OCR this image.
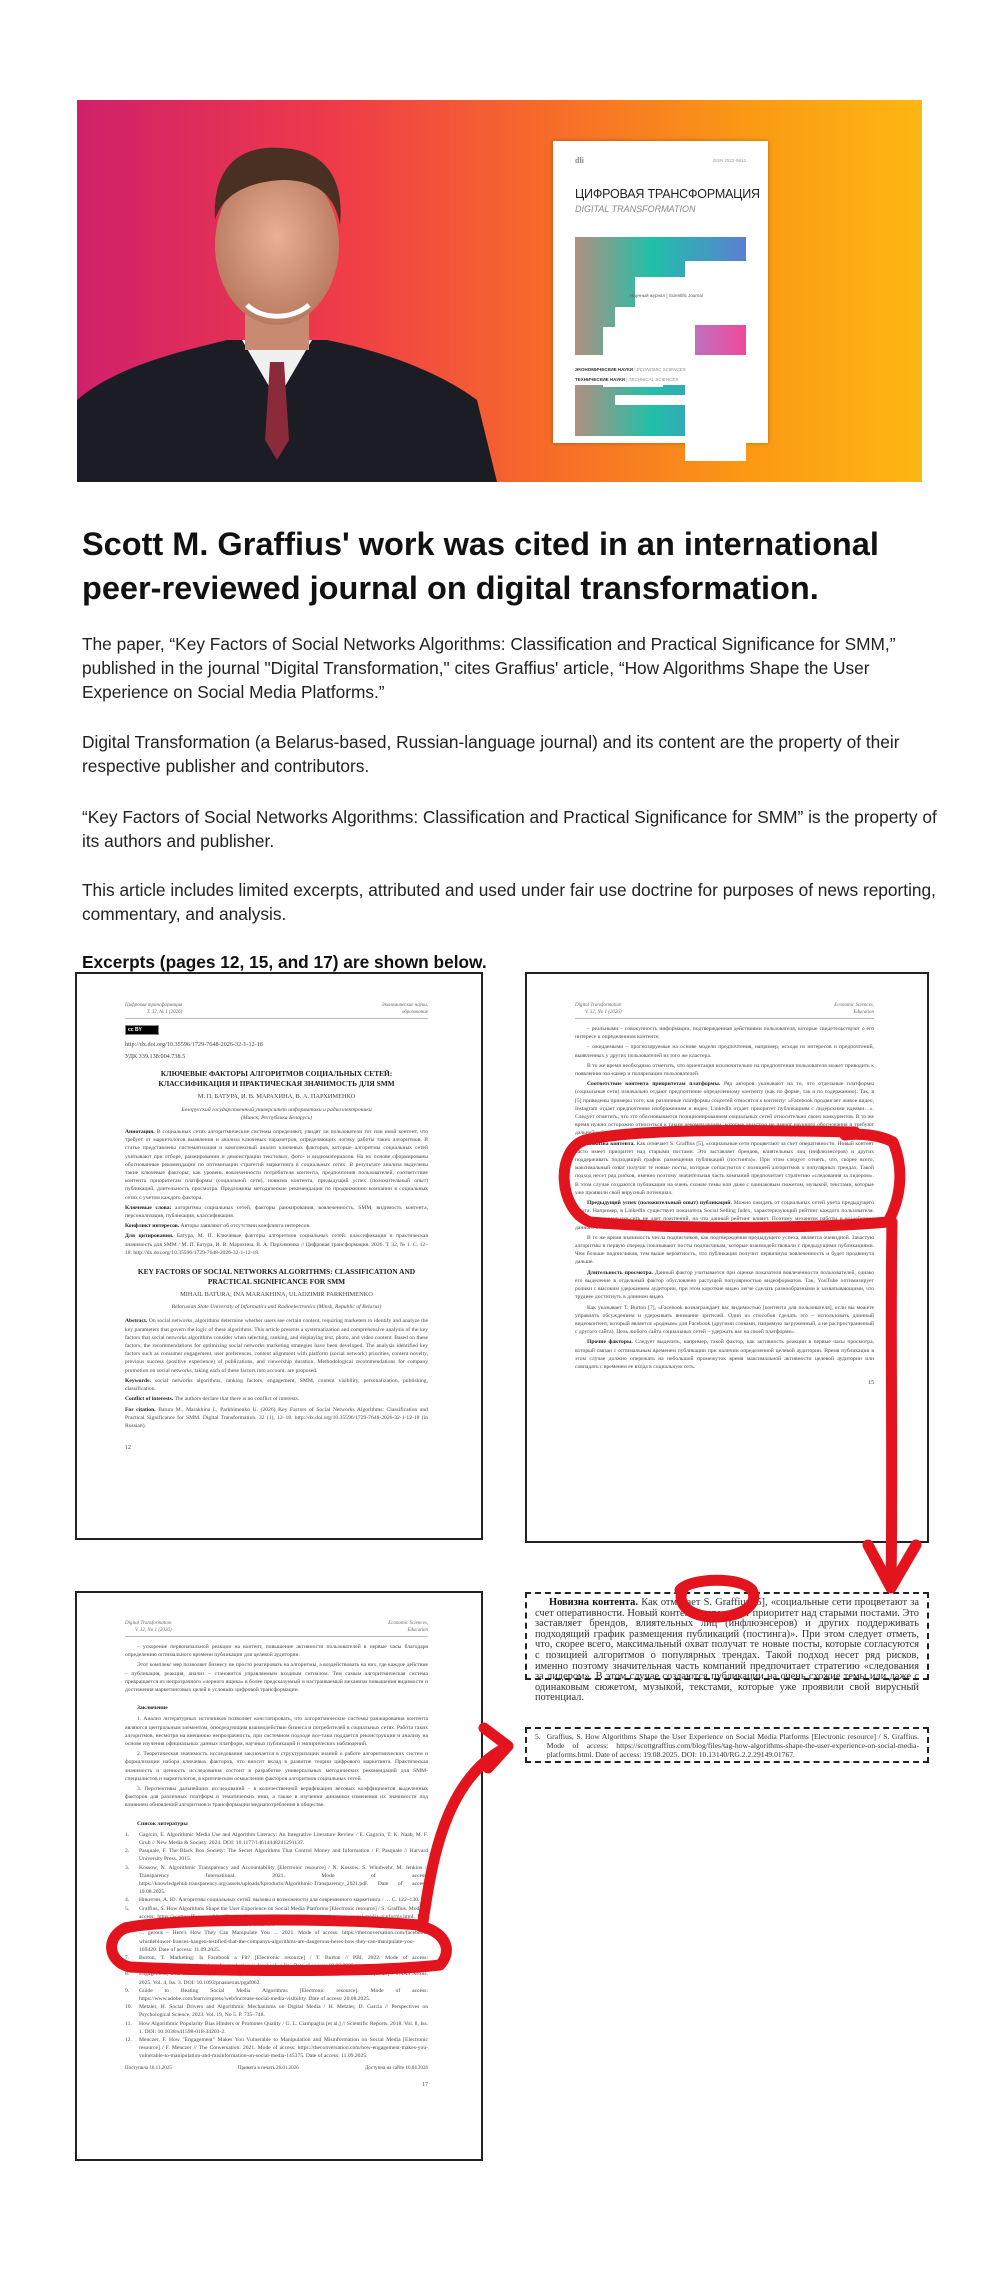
dli	ISSN 2522-9613
ЦИФРОВАЯ ТРАНСФОРМАЦИЯ
DIGITAL TRANSFORMATION
Научный журнал | Scientific Journal
ЭКОНОМИЧЕСКИЕ НАУКИ | ECONOMIC SCIENCES
ТЕХНИЧЕСКИЕ НАУКИ | TECHNICAL SCIENCES
Scott M. Graffius' work was cited in an international peer-reviewed journal on digital transformation.
The paper, “Key Factors of Social Networks Algorithms: Classification and Practical Significance for SMM,” published in the journal "Digital Transformation," cites Graffius' article, “How Algorithms Shape the User Experience on Social Media Platforms.”
Digital Transformation (a Belarus-based, Russian-language journal) and its content are the property of their respective publisher and contributors.
“Key Factors of Social Networks Algorithms: Classification and Practical Significance for SMM” is the property of its authors and publisher.
This article includes limited excerpts, attributed and used under fair use doctrine for purposes of news reporting, commentary, and analysis.
Excerpts (pages 12, 15, and 17) are shown below.
Цифровая трансформация
Т. 32, № 1 (2026)
Экономические науки,
образование
cc BY

http://dx.doi.org/10.35596/1729-7648-2026-32-1-12-18

УДК 339.138:004.738.5

КЛЮЧЕВЫЕ ФАКТОРЫ АЛГОРИТМОВ СОЦИАЛЬНЫХ СЕТЕЙ: КЛАССИФИКАЦИЯ И ПРАКТИЧЕСКАЯ ЗНАЧИМОСТЬ ДЛЯ SMM
М. П. БАТУРА, И. В. МАРАХИНА, В. А. ПАРХИМЕНКО
Белорусский государственный университет информатики и радиоэлектроники (Минск, Республика Беларусь)

Аннотация. В социальных сетях алгоритмические системы определяют, увидят ли пользователи тот или иной контент, что требует от маркетологов выявления и анализа ключевых параметров, определяющих логику работы таких алгоритмов. В статье представлены систематизация и комплексный анализ ключевых факторов, которые алгоритмы социальных сетей учитывают при отборе, ранжировании и демонстрации текстовых, фото- и видеоматериалов. На их основе сформированы обоснованные рекомендации по оптимизации стратегий маркетинга в социальных сетях. В результате анализа выделены такие ключевые факторы, как уровень вовлеченности потребителя контента, предпочтения пользователей, соответствие контента приоритетам платформы (социальной сети), новизна контента, предыдущий успех (положительный опыт) публикаций, длительность просмотра. Предложены методические рекомендации по продвижению компании в социальных сетях с учетом каждого фактора.

Ключевые слова: алгоритмы социальных сетей, факторы ранжирования, вовлеченность, SMM, видимость контента, персонализация, публикация, классификация.

Конфликт интересов. Авторы заявляют об отсутствии конфликта интересов.

Для цитирования. Батура, М. П. Ключевые факторы алгоритмов социальных сетей: классификация и практическая значимость для SMM / М. П. Батура, И. В. Марахина, В. А. Пархименко // Цифровая трансформация. 2026. Т. 32, № 1. С. 12–18. http://dx.doi.org/10.35596/1729-7648-2026-32-1-12-18.

KEY FACTORS OF SOCIAL NETWORKS ALGORITHMS: CLASSIFICATION AND PRACTICAL SIGNIFICANCE FOR SMM
MIHAIL BATURA, INA MARAKHINA, ULADZIMIR PARKHIMENKO
Belarusian State University of Informatics and Radioelectronics (Minsk, Republic of Belarus)

Abstract. On social networks, algorithms determine whether users see certain content, requiring marketers to identify and analyze the key parameters that govern the logic of these algorithms. This article presents a systematization and comprehensive analysis of the key factors that social networks algorithms consider when selecting, ranking, and displaying text, photo, and video content. Based on these factors, the recommendations for optimizing social networks marketing strategies have been developed. The analysis identified key factors such as consumer engagement, user preferences, content alignment with platform (social network) priorities, content novelty, previous success (positive experience) of publications, and viewership duration. Methodological recommendations for company promotion on social networks, taking each of these factors into account, are proposed.

Keywords: social networks algorithms, ranking factors, engagement, SMM, content visibility, personalization, publishing, classification.

Conflict of interests. The authors declare that there is no conflict of interests.

For citation. Batura M., Marakhina I., Parkhimenko U. (2026) Key Factors of Social Networks Algorithms: Classification and Practical Significance for SMM. Digital Transformation. 32 (1), 12–18. http://dx.doi.org/10.35596/1729-7648-2026-32-1-12-18 (in Russian).

12

Digital Transformation
V. 32, No 1 (2026)
Economic Sciences,
Education

– реальными – совокупность информации, подтвержденная действиями пользователя, которые свидетельствуют о его интересе к определенном контенте;

– ожидаемыми – прогнозируемые на основе модели предпочтения, например, исходя из интересов и предпочтений, выявленных у других пользователей из того же кластера.

В то же время необходимо отметить, что ориентация исключительно на предпочтения пользователя может приводить к появлению эхо-камер и поляризации пользователей.

Соответствие контента приоритетам платформы. Ряд авторов указывают на то, что отдельные платформы (социальные сети) изначально отдают предпочтение определенному контенту (как по форме, так и по содержанию). Так, в [5] приведены примеры того, как различные платформы соцсетей относятся к контенту: «Facebook продвигает живое видео, Instagram отдает предпочтение изображениям и видео, LinkedIn отдает приоритет публикациям с лидерскими идеями…». Следует отметить, что это обосновывается позиционированием социальных сетей относительно своих конкурентов. В то же время нужно осторожно относиться к таким рекомендациям, которые зачастую не имеют научного обоснования и требуют дальнейшей проверки.

Новизна контента. Как отмечает S. Graffius [5], «социальные сети процветают за счет оперативности. Новый контент часто имеет приоритет над старыми постами. Это заставляет брендов, влиятельных лиц (инфлюэнсеров) и других поддерживать подходящий график размещения публикаций (постинга)». При этом следует отметь, что, скорее всего, максимальный охват получат те новые посты, которые согласуются с позицией алгоритмов о популярных трендах. Такой подход несет ряд рисков, именно поэтому значительная часть компаний предпочитает стратегию «следования за лидером». В этом случае создаются публикации на очень схожие темы или даже с одинаковым сюжетом, музыкой, текстами, которые уже проявили свой вирусный потенциал.

Предыдущий успех (положительный опыт) публикаций. Можно ожидать от социальных сетей учета предыдущего опыта. Например, в LinkedIn существует показатель Social Selling Index, характеризующий рейтинг каждого пользователя. При этом социальная сеть не дает пояснений, на что данный рейтинг влияет. Поэтому механизм работы и воздействия данного показателя имеет предполагаемый характер.

В то же время значимость числа подписчиков, как подтверждения предыдущего успеха, является очевидной. Зачастую алгоритмы в первую очередь показывают посты подписчикам, которые взаимодействовали с предыдущими публикациями. Чем больше подписчиков, тем выше вероятность, что публикация получит первичную вовлеченность и будет продвинута дальше.

Длительность просмотра. Данный фактор учитывается при оценке показателя вовлеченности пользователей, однако его выделение в отдельный фактор обусловлено растущей популярностью видеоформатов. Так, YouTube оптимизирует ролики с высоким удержанием аудитории, при этом короткие видео легче сделать разнообразными и захватывающими, что труднее достигнуть в длинном видео.

Как указывает T. Burton [7], «Facebook вознаграждает вас видимостью [контента для пользователя], если вы можете управлять обсуждением и удерживать внимание зрителей. Один из способов сделать это – использовать длинный видеоконтент, который является «родным» для Facebook (другими словами, напрямую загруженный, а не распространенный с другого сайта). Цель любого сайта социальных сетей – удержать вас на своей платформе».

Прочие факторы. Следует выделить, например, такой фактор, как активность реакции в первые часы просмотра, который связан с оптимальным временем публикации при наличии определенной целевой аудитории. Время публикации в этом случае должно опережать на небольшой промежуток время максимальной активности целевой аудитории или совпадать с временем ее входа в социальную сеть.

15
Новизна контента. Как отмечает S. Graffius [5], «социальные сети процветают за счет оперативности. Новый контент часто имеет приоритет над старыми постами. Это заставляет брендов, влиятельных лиц (инфлюэнсеров) и других поддерживать подходящий график размещения публикаций (постинга)». При этом следует отметь, что, скорее всего, максимальный охват получат те новые посты, которые согласуются с позицией алгоритмов о популярных трендах. Такой подход несет ряд рисков, именно поэтому значительная часть компаний предпочитает стратегию «следования за лидером». В этом случае создаются публикации на очень схожие темы или даже с одинаковым сюжетом, музыкой, текстами, которые уже проявили свой вирусный потенциал.
5. Graffius, S. How Algorithms Shape the User Experience on Social Media Platforms [Electronic resource] / S. Graffius. Mode of access: https://scottgraffius.com/blog/files/tag-how-algorithms-shape-the-user-experience-on-social-media-platforms.html. Date of access: 19.08.2025. DOI: 10.13140/RG.2.2.29149.01767.
Digital Transformation
V. 32, No 1 (2026)
Economic Sciences,
Education

– ускорение первоначальной реакции на контент, повышение активности пользователей в первые часы благодаря определению оптимального времени публикации для целевой аудитории.

Этот комплекс мер позволяет бизнесу не просто реагировать на алгоритмы, а воздействовать на них, где каждое действие – публикация, реакция, анализ – становится управляемым входным сигналом. Тем самым алгоритмическая система превращается из непрозрачного «черного ящика» в более предсказуемый и настраиваемый механизм повышения видимости и достижения маркетинговых целей в условиях цифровой трансформации.

Заключение

1. Анализ литературных источников позволяет констатировать, что алгоритмические системы ранжирования контента являются центральным элементом, опосредующим взаимодействие бизнеса и потребителей в социальных сетях. Работа таких алгоритмов, несмотря на внешнюю непрозрачность, при системном подходе все-таки поддается реконструкции и анализу на основе изучения официальных данных платформ, научных публикаций и эмпирических наблюдений.

2. Теоретическая значимость исследования заключается в структуризации знаний о работе алгоритмических систем и формализации набора ключевых факторов, что вносит вклад в развитие теории цифрового маркетинга. Практическая значимость и ценность исследования состоит в разработке универсальных методических рекомендаций для SMM-специалистов и маркетологов, в критическом осмыслении факторов алгоритмов социальных сетей.

3. Перспективы дальнейших исследований – в количественной верификации весовых коэффициентов выделенных факторов для различных платформ и тематических ниш, а также в изучении динамики изменения их значимости под влиянием обновлений алгоритмов и трансформации медиапотребления в обществе.

Список литературы

1.	Gagrcin, E. Algorithmic Media Use and Algorithm Literacy: An Integrative Literature Review / E. Gagrcin, T. K. Naab, M. F. Grub // New Media & Society. 2024. DOI: 10.1177/14614448241291137.

2.	Pasquale, F. The Black Box Society: The Secret Algorithms That Control Money and Information / F. Pasquale // Harvard University Press. 2015.

3.	Kossow, N. Algorithmic Transparency and Accountability [Electronic resource] / N. Kossow, S. Windwehr, M. Jenkins // Transparency International. 2021. Mode of access: https://knowledgehub.transparency.org/assets/uploads/kproducts/Algorithmic-Transparency_2021.pdf. Date of access: 19.08.2025.

4.	Никитин, А. Ю. Алгоритмы социальных сетей: вызовы и возможности для современного маркетинга / … С. 122–130.

5.	Graffius, S. How Algorithms Shape the User Experience on Social Media Platforms [Electronic resource] / S. Graffius. Mode of access: https://scottgraffius.com/blog/files/tag-how-algorithms-shape-the-user-experience-on-social-media-platforms.html. Date of access: 19.08.2025. DOI: 10.13140/RG.2.2.29149.01767.

6.	… gerous – Here's How They Can Manipulate You … 2021. Mode of access: https://theconversation.com/facebook-whistleblower-frances-haugen-testified-that-the-companys-algorithms-are-dangerous-heres-how-they-can-manipulate-you-169420. Date of access: 11.09.2025.

7.	Burton, T. Marketing: Is Facebook a Fit? [Electronic resource] / T. Burton // PBI. 2022. Mode of access: https://www.pbi.org/blog/social-media-marketing-is-facebook-a-fit/. Date of access: 19.08.2025.

8.	Engagement, User Satisfaction, and the Amplification of Divisive Content on Social Media / S. Milli [et al.] // PNAS Nexus. 2025. Vol. 4, Iss. 3. DOI: 10.1093/pnasnexus/pgaf062.

9.	Guide to Beating Social Media Algorithms [Electronic resource]. Mode of access: https://www.adobe.com/learn/express/web/increase-social-media-visibility. Date of access: 20.08.2025.

10.	Metzler, H. Social Drivers and Algorithmic Mechanisms on Digital Media / H. Metzler, D. Garcia // Perspectives on Psychological Science. 2023. Vol. 19, No 5. P. 735–748.

11.	How Algorithmic Popularity Bias Hinders or Promotes Quality / G. L. Ciampaglia [et al.] // Scientific Reports. 2018. Vol. 8, Iss. 1. DOI: 10.1038/s41598-018-34203-2.

12.	Menczer, F. How "Engagement" Makes You Vulnerable to Manipulation and Misinformation on Social Media [Electronic resource] / F. Menczer // The Conversation. 2021. Mode of access: https://theconversation.com/how-engagement-makes-you-vulnerable-to-manipulation-and-misinformation-on-social-media-145375. Date of access: 11.09.2025.

Поступила 10.11.2025	Принята в печать 26.01.2026	Доступна на сайте 10.04.2026
17
